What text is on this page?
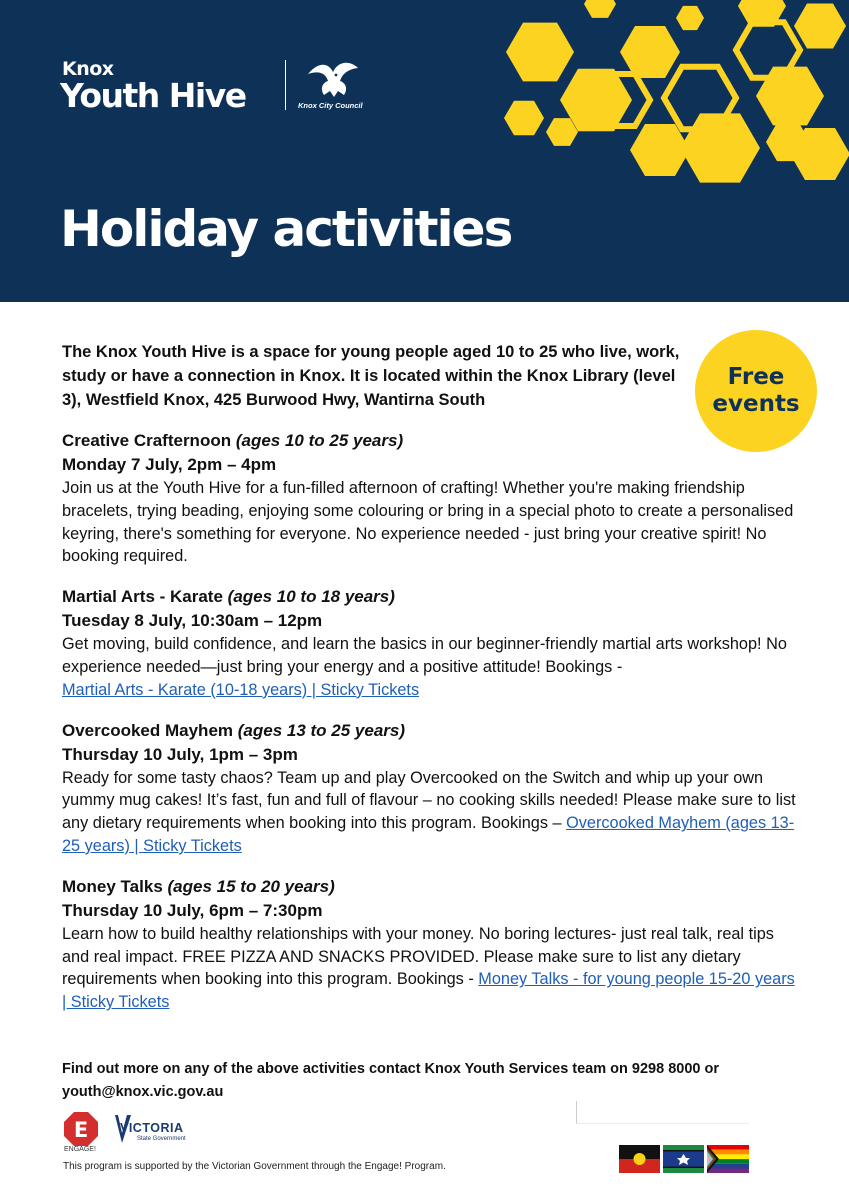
Knox
Youth Hive	Knox City Council
Holiday activities
Free
events
The Knox Youth Hive is a space for young people aged 10 to 25 who live, work, study or have a connection in Knox. It is located within the Knox Library (level 3), Westfield Knox, 425 Burwood Hwy, Wantirna South
Creative Crafternoon (ages 10 to 25 years)
Monday 7 July, 2pm – 4pm
Join us at the Youth Hive for a fun-filled afternoon of crafting! Whether you're making friendship bracelets, trying beading, enjoying some colouring or bring in a special photo to create a personalised keyring, there's something for everyone. No experience needed - just bring your creative spirit! No booking required.
Martial Arts - Karate (ages 10 to 18 years)
Tuesday 8 July, 10:30am – 12pm
Get moving, build confidence, and learn the basics in our beginner-friendly martial arts workshop! No experience needed—just bring your energy and a positive attitude! Bookings -
Martial Arts - Karate (10-18 years) | Sticky Tickets
Overcooked Mayhem (ages 13 to 25 years)
Thursday 10 July, 1pm – 3pm
Ready for some tasty chaos? Team up and play Overcooked on the Switch and whip up your own yummy mug cakes! It’s fast, fun and full of flavour – no cooking skills needed! Please make sure to list any dietary requirements when booking into this program. Bookings – Overcooked Mayhem (ages 13-25 years) | Sticky Tickets
Money Talks (ages 15 to 20 years)
Thursday 10 July, 6pm – 7:30pm
Learn how to build healthy relationships with your money. No boring lectures- just real talk, real tips and real impact. FREE PIZZA AND SNACKS PROVIDED. Please make sure to list any dietary requirements when booking into this program. Bookings - Money Talks - for young people 15-20 years | Sticky Tickets
Find out more on any of the above activities contact Knox Youth Services team on 9298 8000 or youth@knox.vic.gov.au
E
ENGAGE!
VICTORIA
State Government
This program is supported by the Victorian Government through the Engage! Program.
